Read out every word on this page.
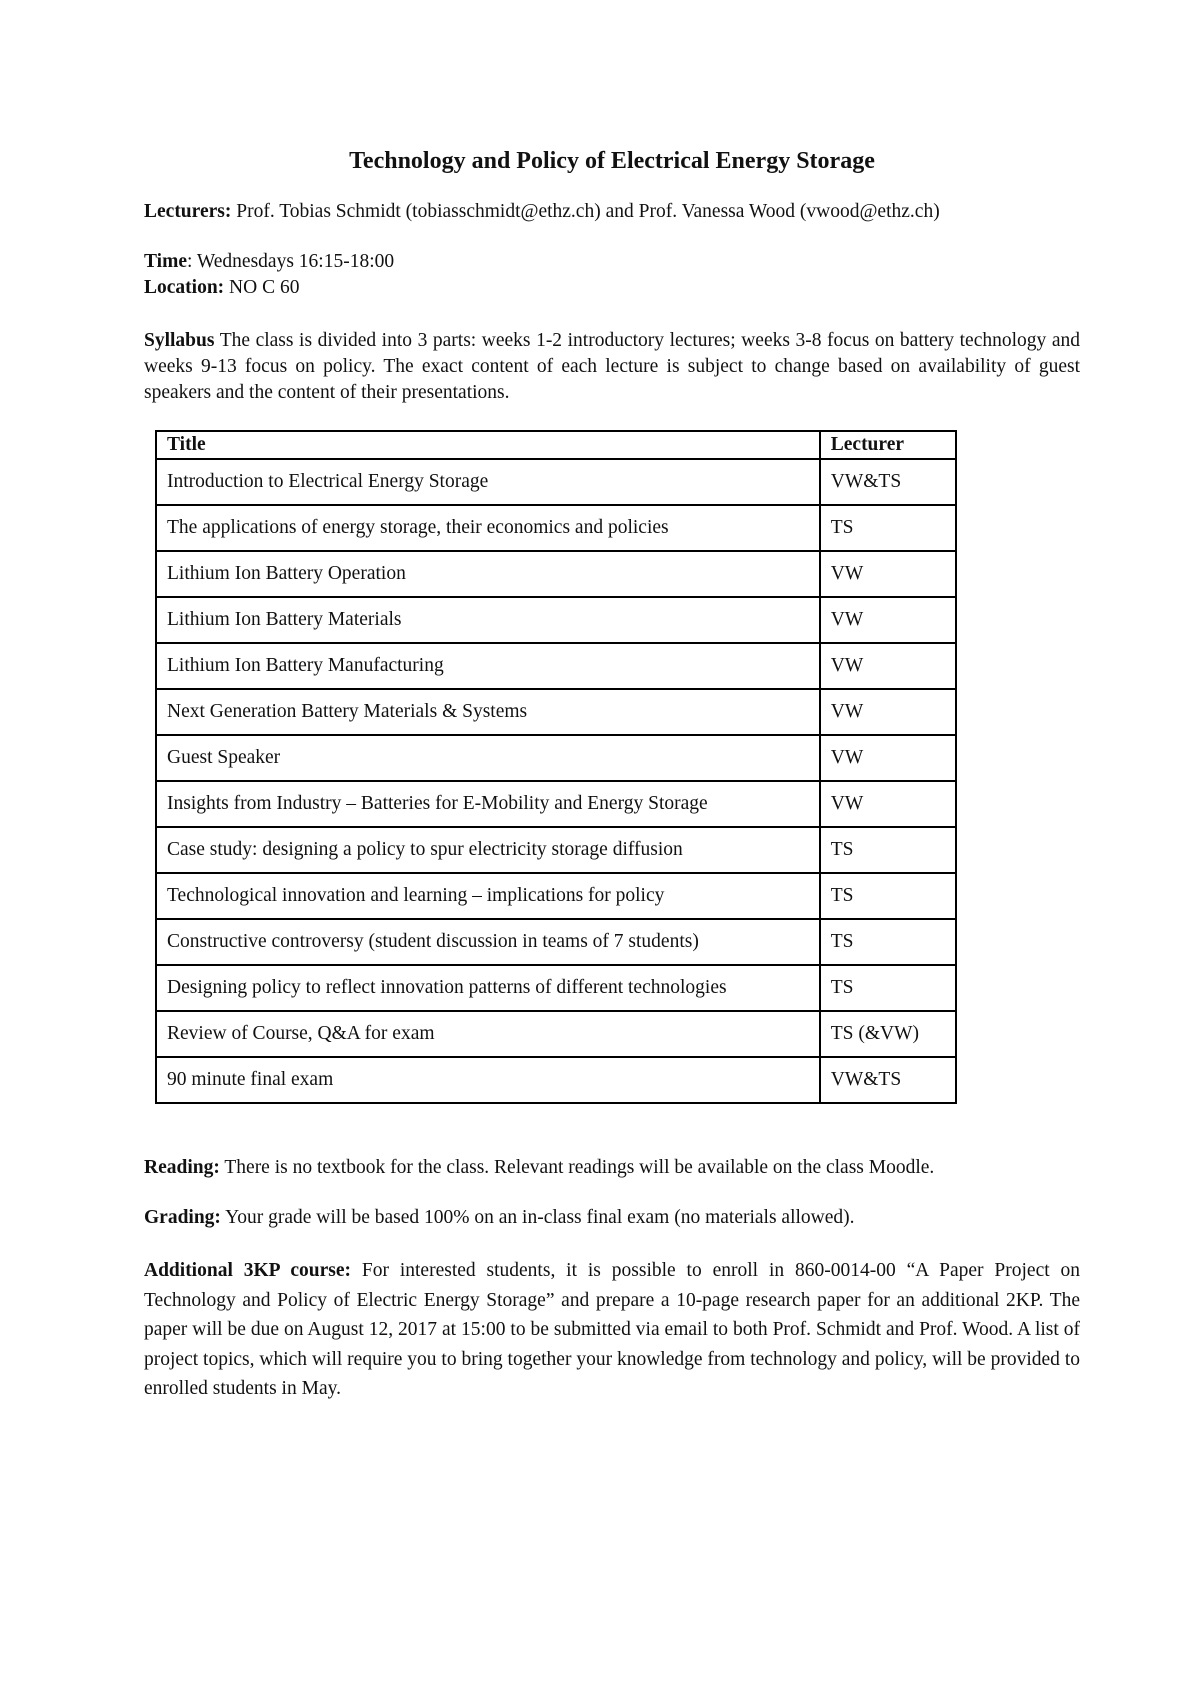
Technology and Policy of Electrical Energy Storage
Lecturers: Prof. Tobias Schmidt (tobiasschmidt@ethz.ch) and Prof. Vanessa Wood (vwood@ethz.ch)
Time: Wednesdays 16:15-18:00
Location: NO C 60
Syllabus The class is divided into 3 parts: weeks 1-2 introductory lectures; weeks 3-8 focus on battery technology and weeks 9-13 focus on policy. The exact content of each lecture is subject to change based on availability of guest speakers and the content of their presentations.
Title	Lecturer
Introduction to Electrical Energy Storage	VW&TS
The applications of energy storage, their economics and policies	TS
Lithium Ion Battery Operation	VW
Lithium Ion Battery Materials	VW
Lithium Ion Battery Manufacturing	VW
Next Generation Battery Materials & Systems	VW
Guest Speaker	VW
Insights from Industry – Batteries for E-Mobility and Energy Storage	VW
Case study: designing a policy to spur electricity storage diffusion	TS
Technological innovation and learning – implications for policy	TS
Constructive controversy (student discussion in teams of 7 students)	TS
Designing policy to reflect innovation patterns of different technologies	TS
Review of Course, Q&A for exam	TS (&VW)
90 minute final exam	VW&TS
Reading: There is no textbook for the class. Relevant readings will be available on the class Moodle.
Grading: Your grade will be based 100% on an in-class final exam (no materials allowed).
Additional 3KP course: For interested students, it is possible to enroll in 860-0014-00 “A Paper Project on Technology and Policy of Electric Energy Storage” and prepare a 10-page research paper for an additional 2KP. The paper will be due on August 12, 2017 at 15:00 to be submitted via email to both Prof. Schmidt and Prof. Wood. A list of project topics, which will require you to bring together your knowledge from technology and policy, will be provided to enrolled students in May.
